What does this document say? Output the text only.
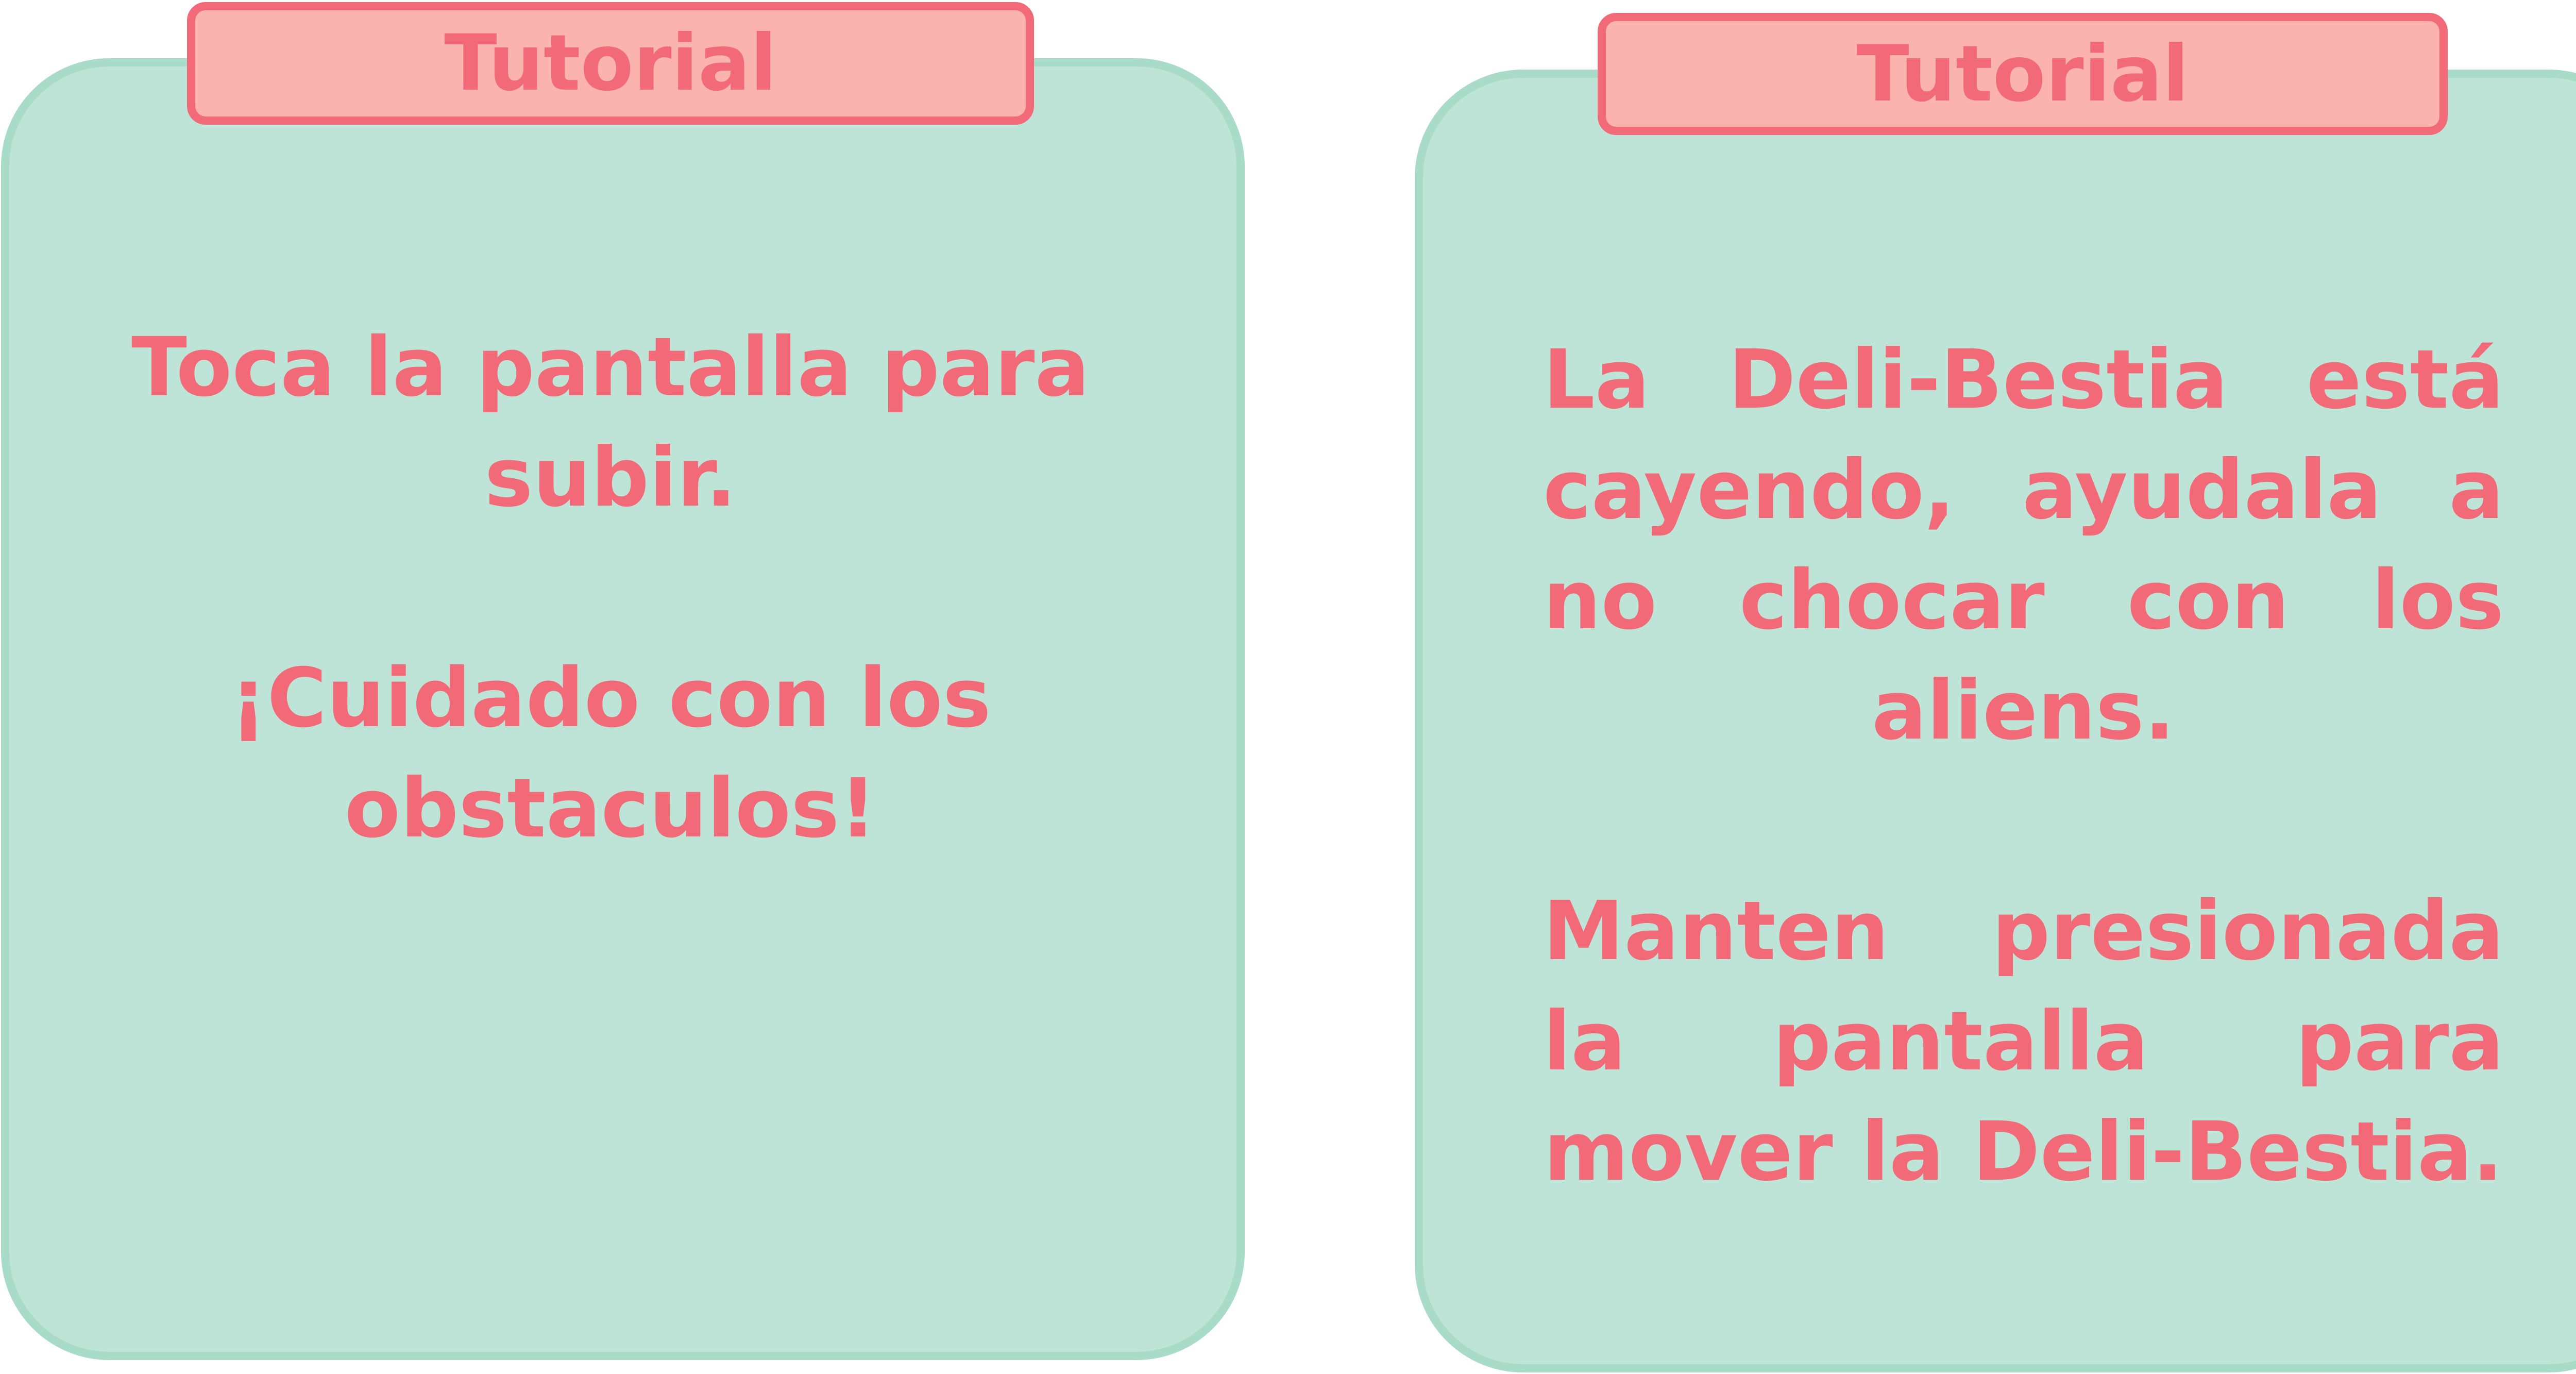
Tutorial

Toca la pantalla para subir.

¡Cuidado con los obstaculos!

Tutorial

La Deli-Bestia está cayendo, ayudala a no chocar con los aliens.

Manten presionada la pantalla para mover la Deli-Bestia.
